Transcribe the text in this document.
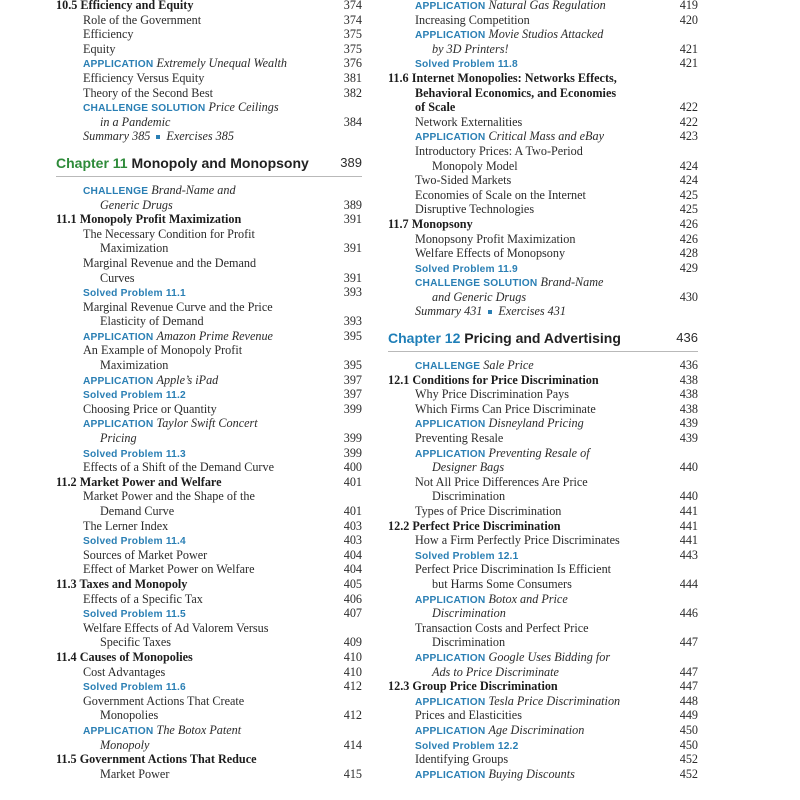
10.5 Efficiency and Equity	374
Role of the Government	374
Efficiency	375
Equity	375
APPLICATION Extremely Unequal Wealth	376
Efficiency Versus Equity	381
Theory of the Second Best	382
CHALLENGE SOLUTION Price Ceilings
in a Pandemic	384
Summary 385 Exercises 385
Chapter 11 Monopoly and Monopsony 389
CHALLENGE Brand-Name and
Generic Drugs	389
11.1 Monopoly Profit Maximization	391
The Necessary Condition for Profit
Maximization	391
Marginal Revenue and the Demand
Curves	391
Solved Problem 11.1	393
Marginal Revenue Curve and the Price
Elasticity of Demand	393
APPLICATION Amazon Prime Revenue	395
An Example of Monopoly Profit
Maximization	395
APPLICATION Apple’s iPad	397
Solved Problem 11.2	397
Choosing Price or Quantity	399
APPLICATION Taylor Swift Concert
Pricing	399
Solved Problem 11.3	399
Effects of a Shift of the Demand Curve	400
11.2 Market Power and Welfare	401
Market Power and the Shape of the
Demand Curve	401
The Lerner Index	403
Solved Problem 11.4	403
Sources of Market Power	404
Effect of Market Power on Welfare	404
11.3 Taxes and Monopoly	405
Effects of a Specific Tax	406
Solved Problem 11.5	407
Welfare Effects of Ad Valorem Versus
Specific Taxes	409
11.4 Causes of Monopolies	410
Cost Advantages	410
Solved Problem 11.6	412
Government Actions That Create
Monopolies	412
APPLICATION The Botox Patent
Monopoly	414
11.5 Government Actions That Reduce
Market Power	415
APPLICATION Natural Gas Regulation	419
Increasing Competition	420
APPLICATION Movie Studios Attacked
by 3D Printers!	421
Solved Problem 11.8	421
11.6 Internet Monopolies: Networks Effects,
Behavioral Economics, and Economies
of Scale	422
Network Externalities	422
APPLICATION Critical Mass and eBay	423
Introductory Prices: A Two-Period
Monopoly Model	424
Two-Sided Markets	424
Economies of Scale on the Internet	425
Disruptive Technologies	425
11.7 Monopsony	426
Monopsony Profit Maximization	426
Welfare Effects of Monopsony	428
Solved Problem 11.9	429
CHALLENGE SOLUTION Brand-Name
and Generic Drugs	430
Summary 431 Exercises 431
Chapter 12 Pricing and Advertising	436
CHALLENGE Sale Price	436
12.1 Conditions for Price Discrimination	438
Why Price Discrimination Pays	438
Which Firms Can Price Discriminate	438
APPLICATION Disneyland Pricing	439
Preventing Resale	439
APPLICATION Preventing Resale of
Designer Bags	440
Not All Price Differences Are Price
Discrimination	440
Types of Price Discrimination	441
12.2 Perfect Price Discrimination	441
How a Firm Perfectly Price Discriminates	441
Solved Problem 12.1	443
Perfect Price Discrimination Is Efficient
but Harms Some Consumers	444
APPLICATION Botox and Price
Discrimination	446
Transaction Costs and Perfect Price
Discrimination	447
APPLICATION Google Uses Bidding for
Ads to Price Discriminate	447
12.3 Group Price Discrimination	447
APPLICATION Tesla Price Discrimination	448
Prices and Elasticities	449
APPLICATION Age Discrimination	450
Solved Problem 12.2	450
Identifying Groups	452
APPLICATION Buying Discounts	452
